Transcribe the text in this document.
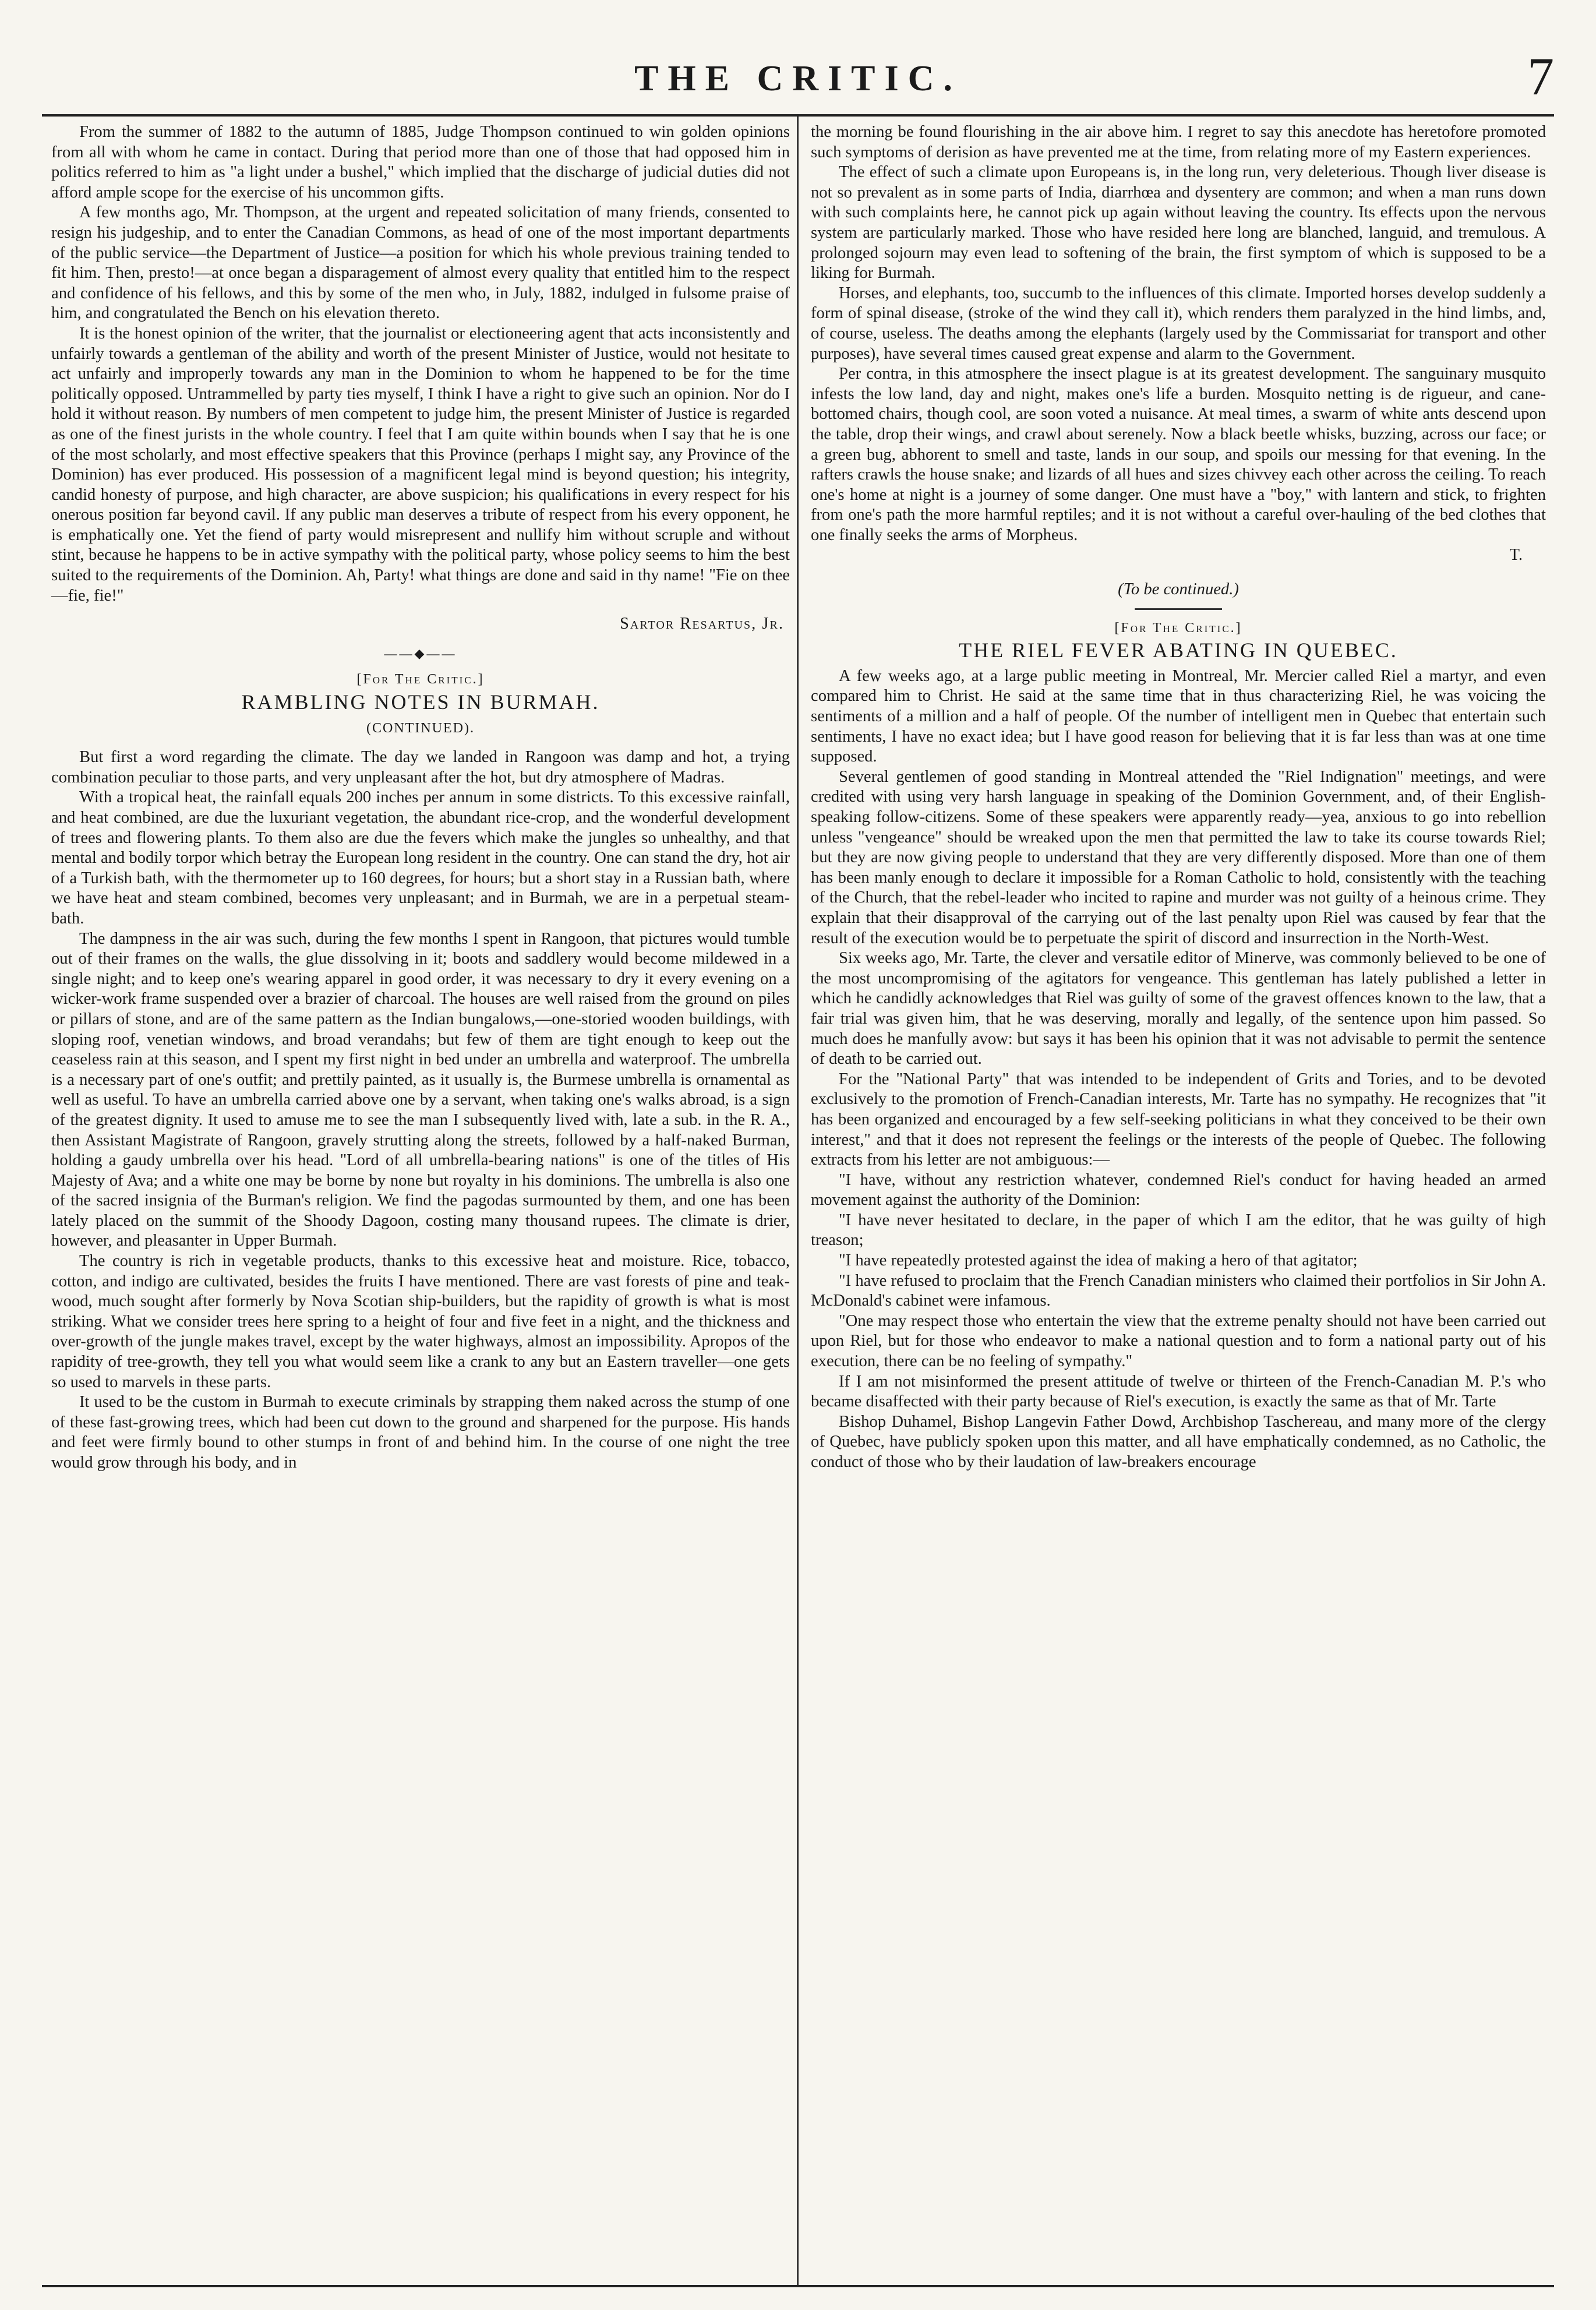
THE CRITIC.	7

From the summer of 1882 to the autumn of 1885, Judge Thompson continued to win golden opinions from all with whom he came in contact. During that period more than one of those that had opposed him in politics referred to him as "a light under a bushel," which implied that the discharge of judicial duties did not afford ample scope for the exercise of his uncommon gifts.

A few months ago, Mr. Thompson, at the urgent and repeated solicitation of many friends, consented to resign his judgeship, and to enter the Canadian Commons, as head of one of the most important departments of the public service—the Department of Justice—a position for which his whole previous training tended to fit him. Then, presto!—at once began a disparagement of almost every quality that entitled him to the respect and confidence of his fellows, and this by some of the men who, in July, 1882, indulged in fulsome praise of him, and congratulated the Bench on his elevation thereto.

It is the honest opinion of the writer, that the journalist or electioneering agent that acts inconsistently and unfairly towards a gentleman of the ability and worth of the present Minister of Justice, would not hesitate to act unfairly and improperly towards any man in the Dominion to whom he happened to be for the time politically opposed. Untrammelled by party ties myself, I think I have a right to give such an opinion. Nor do I hold it without reason. By numbers of men competent to judge him, the present Minister of Justice is regarded as one of the finest jurists in the whole country. I feel that I am quite within bounds when I say that he is one of the most scholarly, and most effective speakers that this Province (perhaps I might say, any Province of the Dominion) has ever produced. His possession of a magnificent legal mind is beyond question; his integrity, candid honesty of purpose, and high character, are above suspicion; his qualifications in every respect for his onerous position far beyond cavil. If any public man deserves a tribute of respect from his every opponent, he is emphatically one. Yet the fiend of party would misrepresent and nullify him without scruple and without stint, because he happens to be in active sympathy with the political party, whose policy seems to him the best suited to the requirements of the Dominion. Ah, Party! what things are done and said in thy name! "Fie on thee—fie, fie!"

Sartor Resartus, Jr.
——◆——
[For The Critic.]
RAMBLING NOTES IN BURMAH.
(CONTINUED).

But first a word regarding the climate. The day we landed in Rangoon was damp and hot, a trying combination peculiar to those parts, and very unpleasant after the hot, but dry atmosphere of Madras.

With a tropical heat, the rainfall equals 200 inches per annum in some districts. To this excessive rainfall, and heat combined, are due the luxuriant vegetation, the abundant rice-crop, and the wonderful development of trees and flowering plants. To them also are due the fevers which make the jungles so unhealthy, and that mental and bodily torpor which betray the European long resident in the country. One can stand the dry, hot air of a Turkish bath, with the thermometer up to 160 degrees, for hours; but a short stay in a Russian bath, where we have heat and steam combined, becomes very unpleasant; and in Burmah, we are in a perpetual steam-bath.

The dampness in the air was such, during the few months I spent in Rangoon, that pictures would tumble out of their frames on the walls, the glue dissolving in it; boots and saddlery would become mildewed in a single night; and to keep one's wearing apparel in good order, it was necessary to dry it every evening on a wicker-work frame suspended over a brazier of charcoal. The houses are well raised from the ground on piles or pillars of stone, and are of the same pattern as the Indian bungalows,—one-storied wooden buildings, with sloping roof, venetian windows, and broad verandahs; but few of them are tight enough to keep out the ceaseless rain at this season, and I spent my first night in bed under an umbrella and waterproof. The umbrella is a necessary part of one's outfit; and prettily painted, as it usually is, the Burmese umbrella is ornamental as well as useful. To have an umbrella carried above one by a servant, when taking one's walks abroad, is a sign of the greatest dignity. It used to amuse me to see the man I subsequently lived with, late a sub. in the R. A., then Assistant Magistrate of Rangoon, gravely strutting along the streets, followed by a half-naked Burman, holding a gaudy umbrella over his head. "Lord of all umbrella-bearing nations" is one of the titles of His Majesty of Ava; and a white one may be borne by none but royalty in his dominions. The umbrella is also one of the sacred insignia of the Burman's religion. We find the pagodas surmounted by them, and one has been lately placed on the summit of the Shoody Dagoon, costing many thousand rupees. The climate is drier, however, and pleasanter in Upper Burmah.

The country is rich in vegetable products, thanks to this excessive heat and moisture. Rice, tobacco, cotton, and indigo are cultivated, besides the fruits I have mentioned. There are vast forests of pine and teak-wood, much sought after formerly by Nova Scotian ship-builders, but the rapidity of growth is what is most striking. What we consider trees here spring to a height of four and five feet in a night, and the thickness and over-growth of the jungle makes travel, except by the water highways, almost an impossibility. Apropos of the rapidity of tree-growth, they tell you what would seem like a crank to any but an Eastern traveller—one gets so used to marvels in these parts.

It used to be the custom in Burmah to execute criminals by strapping them naked across the stump of one of these fast-growing trees, which had been cut down to the ground and sharpened for the purpose. His hands and feet were firmly bound to other stumps in front of and behind him. In the course of one night the tree would grow through his body, and in

the morning be found flourishing in the air above him. I regret to say this anecdote has heretofore promoted such symptoms of derision as have prevented me at the time, from relating more of my Eastern experiences.

The effect of such a climate upon Europeans is, in the long run, very deleterious. Though liver disease is not so prevalent as in some parts of India, diarrhœa and dysentery are common; and when a man runs down with such complaints here, he cannot pick up again without leaving the country. Its effects upon the nervous system are particularly marked. Those who have resided here long are blanched, languid, and tremulous. A prolonged sojourn may even lead to softening of the brain, the first symptom of which is supposed to be a liking for Burmah.

Horses, and elephants, too, succumb to the influences of this climate. Imported horses develop suddenly a form of spinal disease, (stroke of the wind they call it), which renders them paralyzed in the hind limbs, and, of course, useless. The deaths among the elephants (largely used by the Commissariat for transport and other purposes), have several times caused great expense and alarm to the Government.

Per contra, in this atmosphere the insect plague is at its greatest development. The sanguinary musquito infests the low land, day and night, makes one's life a burden. Mosquito netting is de rigueur, and cane-bottomed chairs, though cool, are soon voted a nuisance. At meal times, a swarm of white ants descend upon the table, drop their wings, and crawl about serenely. Now a black beetle whisks, buzzing, across our face; or a green bug, abhorent to smell and taste, lands in our soup, and spoils our messing for that evening. In the rafters crawls the house snake; and lizards of all hues and sizes chivvey each other across the ceiling. To reach one's home at night is a journey of some danger. One must have a "boy," with lantern and stick, to frighten from one's path the more harmful reptiles; and it is not without a careful over-hauling of the bed clothes that one finally seeks the arms of Morpheus.

T.
(To be continued.)
[For The Critic.]
THE RIEL FEVER ABATING IN QUEBEC.

A few weeks ago, at a large public meeting in Montreal, Mr. Mercier called Riel a martyr, and even compared him to Christ. He said at the same time that in thus characterizing Riel, he was voicing the sentiments of a million and a half of people. Of the number of intelligent men in Quebec that entertain such sentiments, I have no exact idea; but I have good reason for believing that it is far less than was at one time supposed.

Several gentlemen of good standing in Montreal attended the "Riel Indignation" meetings, and were credited with using very harsh language in speaking of the Dominion Government, and, of their English-speaking follow-citizens. Some of these speakers were apparently ready—yea, anxious to go into rebellion unless "vengeance" should be wreaked upon the men that permitted the law to take its course towards Riel; but they are now giving people to understand that they are very differently disposed. More than one of them has been manly enough to declare it impossible for a Roman Catholic to hold, consistently with the teaching of the Church, that the rebel-leader who incited to rapine and murder was not guilty of a heinous crime. They explain that their disapproval of the carrying out of the last penalty upon Riel was caused by fear that the result of the execution would be to perpetuate the spirit of discord and insurrection in the North-West.

Six weeks ago, Mr. Tarte, the clever and versatile editor of Minerve, was commonly believed to be one of the most uncompromising of the agitators for vengeance. This gentleman has lately published a letter in which he candidly acknowledges that Riel was guilty of some of the gravest offences known to the law, that a fair trial was given him, that he was deserving, morally and legally, of the sentence upon him passed. So much does he manfully avow: but says it has been his opinion that it was not advisable to permit the sentence of death to be carried out.

For the "National Party" that was intended to be independent of Grits and Tories, and to be devoted exclusively to the promotion of French-Canadian interests, Mr. Tarte has no sympathy. He recognizes that "it has been organized and encouraged by a few self-seeking politicians in what they conceived to be their own interest," and that it does not represent the feelings or the interests of the people of Quebec. The following extracts from his letter are not ambiguous:—

"I have, without any restriction whatever, condemned Riel's conduct for having headed an armed movement against the authority of the Dominion:

"I have never hesitated to declare, in the paper of which I am the editor, that he was guilty of high treason;

"I have repeatedly protested against the idea of making a hero of that agitator;

"I have refused to proclaim that the French Canadian ministers who claimed their portfolios in Sir John A. McDonald's cabinet were infamous.

"One may respect those who entertain the view that the extreme penalty should not have been carried out upon Riel, but for those who endeavor to make a national question and to form a national party out of his execution, there can be no feeling of sympathy."

If I am not misinformed the present attitude of twelve or thirteen of the French-Canadian M. P.'s who became disaffected with their party because of Riel's execution, is exactly the same as that of Mr. Tarte

Bishop Duhamel, Bishop Langevin Father Dowd, Archbishop Taschereau, and many more of the clergy of Quebec, have publicly spoken upon this matter, and all have emphatically condemned, as no Catholic, the conduct of those who by their laudation of law-breakers encourage
